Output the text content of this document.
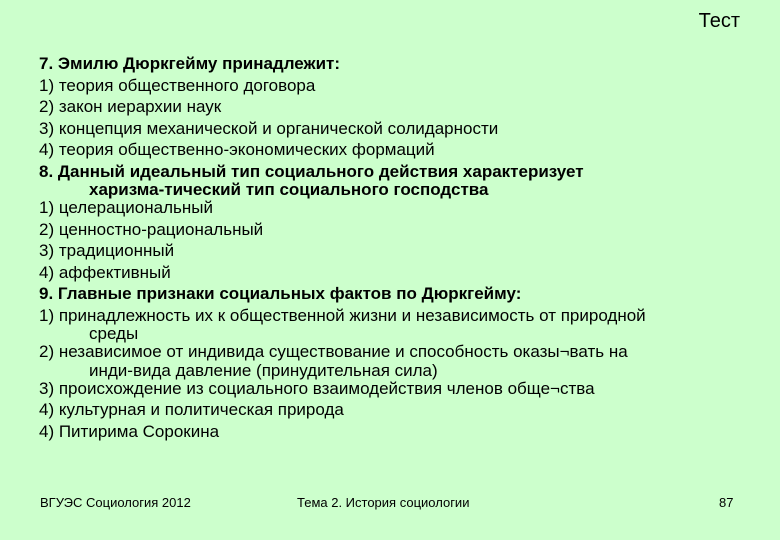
Тест
7. Эмилю Дюркгейму принадлежит:
1) теория общественного договора
2) закон иерархии наук
3) концепция механической и органической солидарности
4) теория общественно-экономических формаций
8. Данный идеальный тип социального действия характеризует
харизма-тический тип социального господства
1) целерациональный
2) ценностно-рациональный
3) традиционный
4) аффективный
9. Главные признаки социальных фактов по Дюркгейму:
1) принадлежность их к общественной жизни и независимость от природной
среды
2) независимое от индивида существование и способность оказы¬вать на
инди-вида давление (принудительная сила)
3) происхождение из социального взаимодействия членов обще¬ства
4) культурная и политическая природа
4) Питирима Сорокина
ВГУЭС Социология 2012	Тема 2. История социологии	87
